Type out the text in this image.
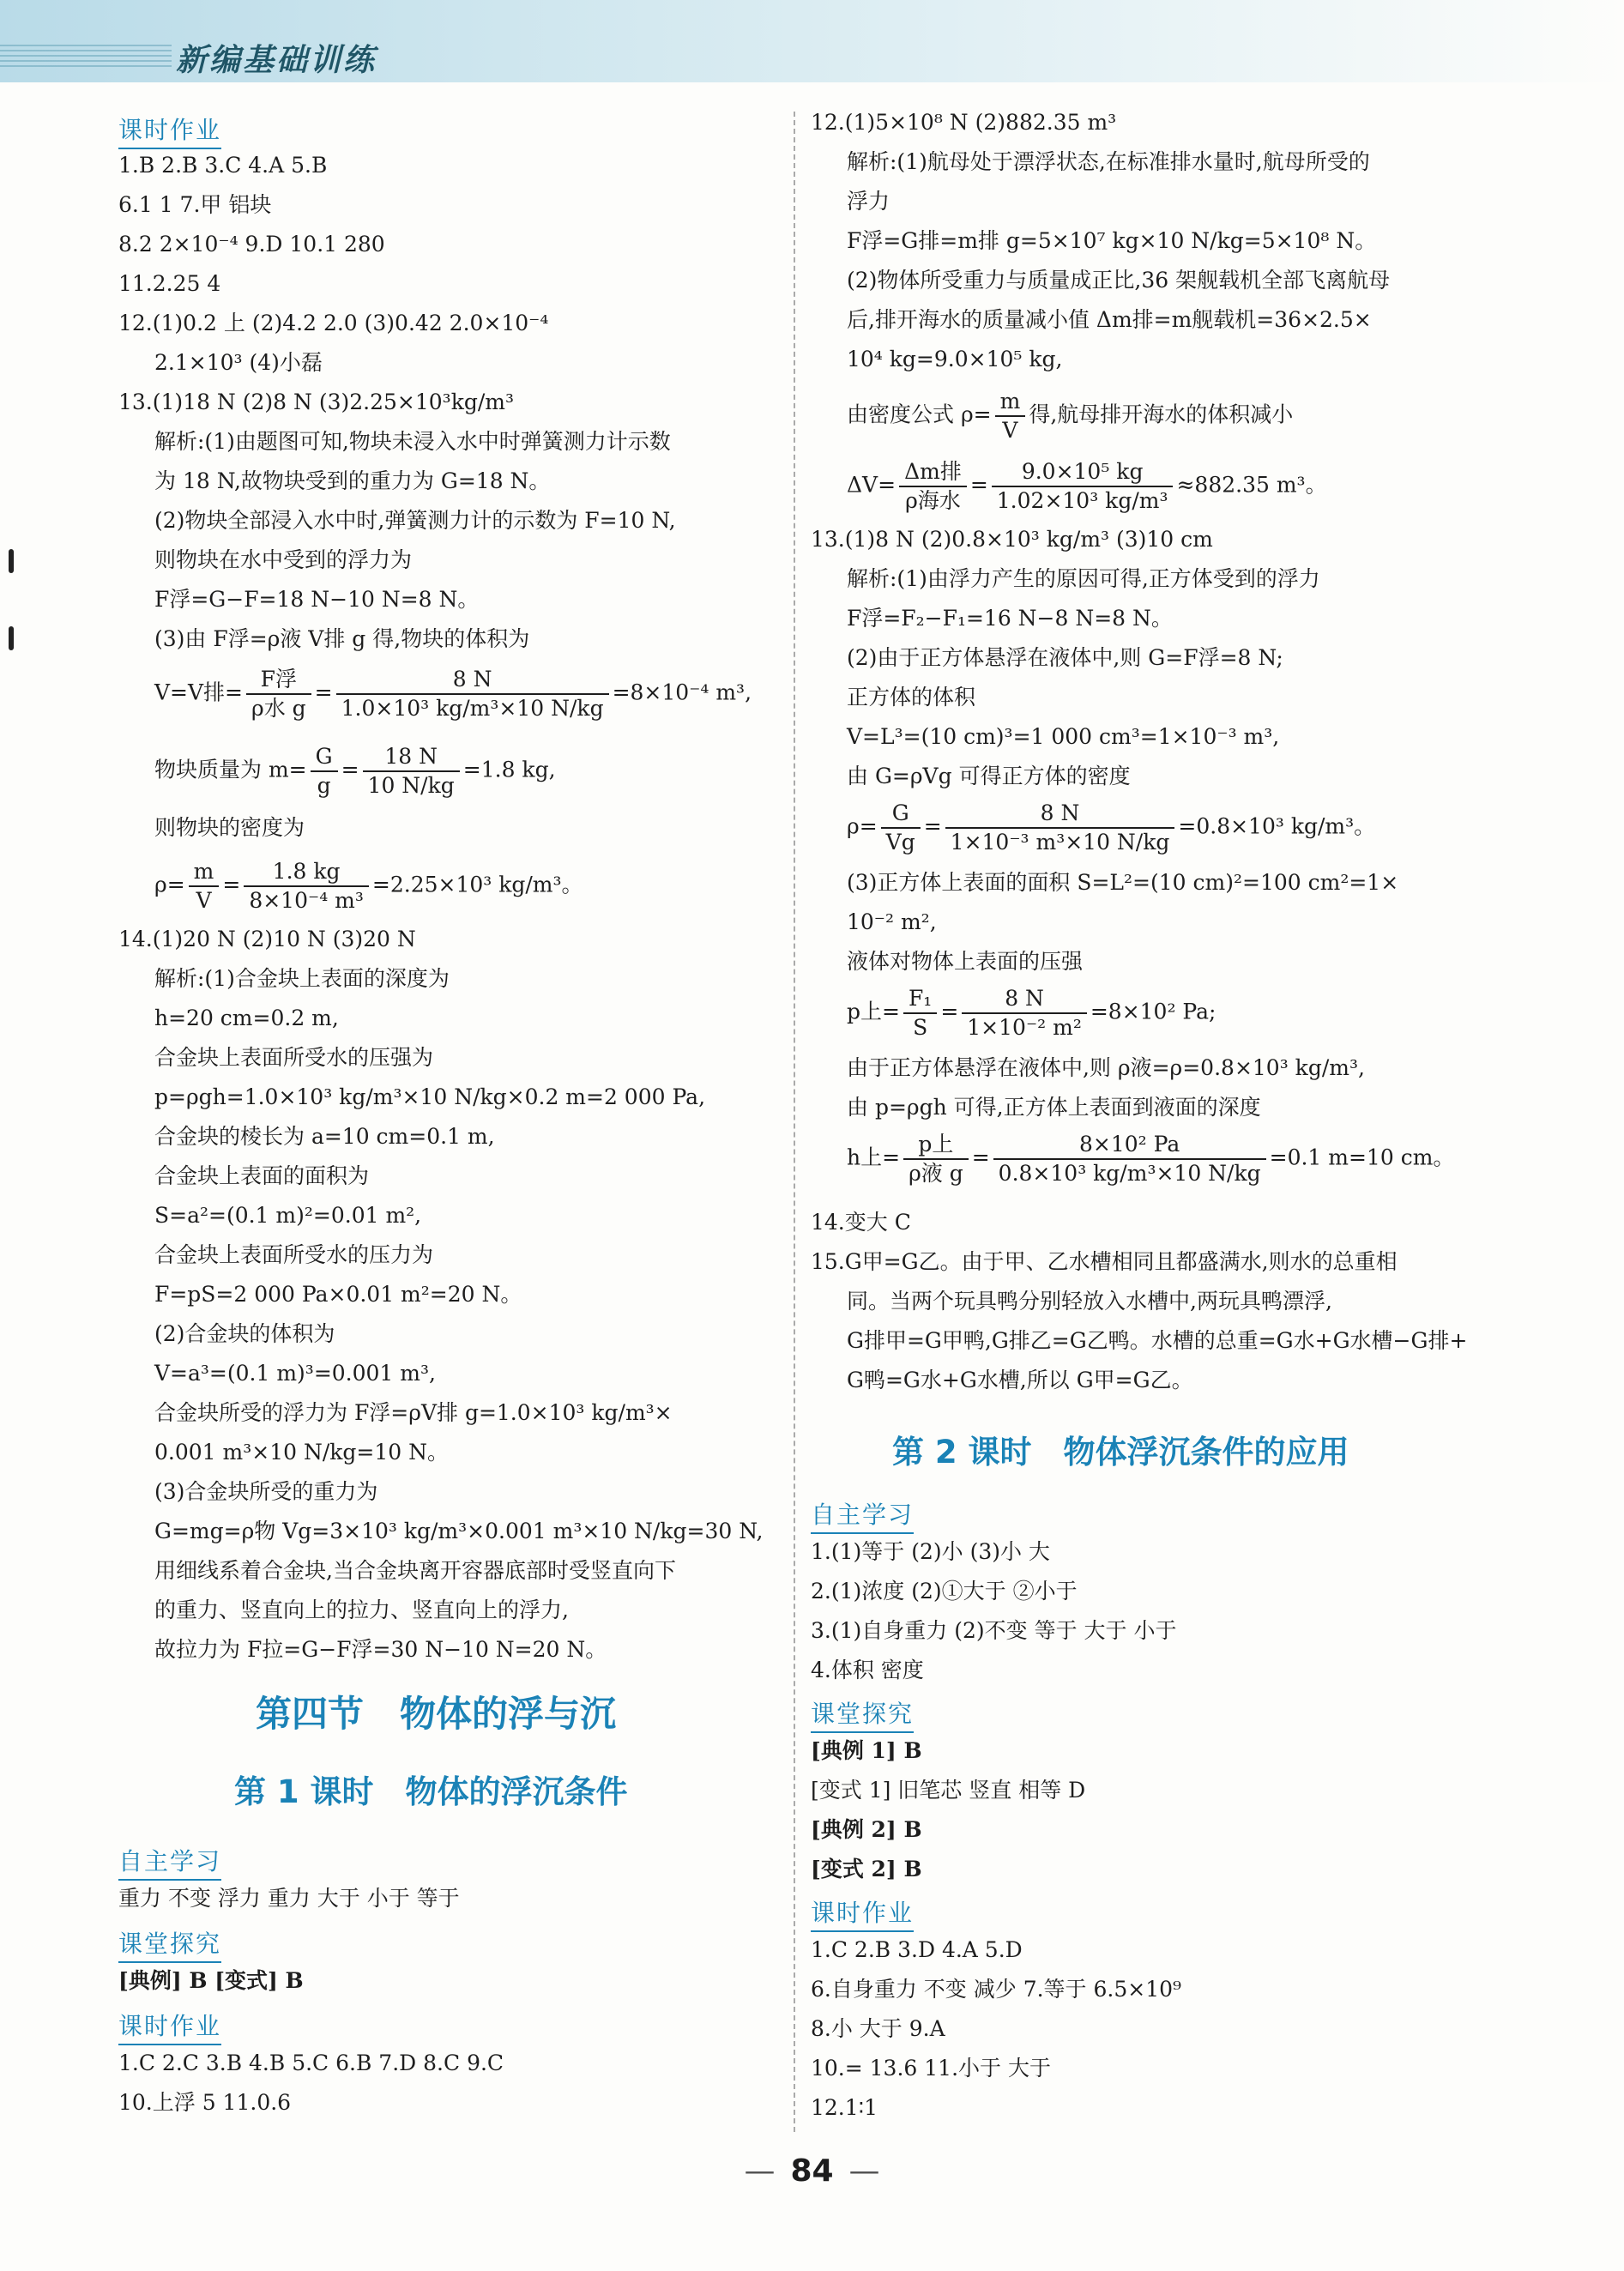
新编基础训练
课时作业
1.B 2.B 3.C 4.A 5.B
6.1 1 7.甲 铝块
8.2 2×10⁻⁴ 9.D 10.1 280
11.2.25 4
12.(1)0.2 上 (2)4.2 2.0 (3)0.42 2.0×10⁻⁴
2.1×10³ (4)小磊
13.(1)18 N (2)8 N (3)2.25×10³kg/m³
解析:(1)由题图可知,物块未浸入水中时弹簧测力计示数
为 18 N,故物块受到的重力为 G=18 N。
(2)物块全部浸入水中时,弹簧测力计的示数为 F=10 N,
则物块在水中受到的浮力为
F浮=G−F=18 N−10 N=8 N。
(3)由 F浮=ρ液 V排 g 得,物块的体积为
V=V排=
F浮
ρ水 g
= $\frac{8 N}{\text{1.0×10³ kg/m³×10 N/kg}} =8\times 10^{-4}$ m³,
物块质量为 $m= \frac{G}{g} = \frac{18 N}{10 N/kg} =1.8$ kg,
则物块的密度为
$\rho= \frac{m}{V} = \frac{1.8 kg}{\text{8×10⁻⁴ m³}} =2.25\times 10^3$ kg/m³。
14.(1)20 N (2)10 N (3)20 N
解析:(1)合金块上表面的深度为
h=20 cm=0.2 m,
合金块上表面所受水的压强为
p=ρgh=1.0×10³ kg/m³×10 N/kg×0.2 m=2 000 Pa,
合金块的棱长为 a=10 cm=0.1 m,
合金块上表面的面积为
S=a²=(0.1 m)²=0.01 m²,
合金块上表面所受水的压力为
F=pS=2 000 Pa×0.01 m²=20 N。
(2)合金块的体积为
V=a³=(0.1 m)³=0.001 m³,
合金块所受的浮力为 F浮=ρV排 g=1.0×10³ kg/m³×
0.001 m³×10 N/kg=10 N。
(3)合金块所受的重力为
G=mg=ρ物 Vg=3×10³ kg/m³×0.001 m³×10 N/kg=30 N,
用细线系着合金块,当合金块离开容器底部时受竖直向下
的重力、竖直向上的拉力、竖直向上的浮力,
故拉力为 F拉=G−F浮=30 N−10 N=20 N。
第四节　物体的浮与沉
第 1 课时　物体的浮沉条件
自主学习
重力 不变 浮力 重力 大于 小于 等于
课堂探究
[典例] B [变式] B
课时作业
1.C 2.C 3.B 4.B 5.C 6.B 7.D 8.C 9.C
10.上浮 5 11.0.6
12.(1)5×10⁸ N (2)882.35 m³
解析:(1)航母处于漂浮状态,在标准排水量时,航母所受的
浮力
F浮=G排=m排 g=5×10⁷ kg×10 N/kg=5×10⁸ N。
(2)物体所受重力与质量成正比,36 架舰载机全部飞离航母
后,排开海水的质量减小值 Δm排=m舰载机=36×2.5×
10⁴ kg=9.0×10⁵ kg,
由密度公式 $\rho= \frac{m}{V}$ 得,航母排开海水的体积减小
ΔV=
Δm排
ρ海水
= $\frac{\text{9.0×10⁵ kg}}{\text{1.02×10³ kg/m³}} \approx 882.35$ m³。
13.(1)8 N (2)0.8×10³ kg/m³ (3)10 cm
解析:(1)由浮力产生的原因可得,正方体受到的浮力
F浮=F₂−F₁=16 N−8 N=8 N。
(2)由于正方体悬浮在液体中,则 G=F浮=8 N;
正方体的体积
V=L³=(10 cm)³=1 000 cm³=1×10⁻³ m³,
由 G=ρVg 可得正方体的密度
$\rho= \frac{G}{Vg} = \frac{8 N}{\text{1×10⁻³ m³×10 N/kg}} =0.8\times 10^3$ kg/m³。
(3)正方体上表面的面积 S=L²=(10 cm)²=100 cm²=1×
10⁻² m²,
液体对物体上表面的压强
p上= $\frac{\text{F₁}}{S} = \frac{8 N}{\text{1×10⁻² m²}} =8\times 10^2$ Pa;
由于正方体悬浮在液体中,则 ρ液=ρ=0.8×10³ kg/m³,
由 p=ρgh 可得,正方体上表面到液面的深度
h上=
p上
ρ液 g
= $\frac{\text{8×10² Pa}}{\text{0.8×10³ kg/m³×10 N/kg}} =0.1$ m=10 cm。
14.变大 C
15.G甲=G乙。由于甲、乙水槽相同且都盛满水,则水的总重相
同。当两个玩具鸭分别轻放入水槽中,两玩具鸭漂浮,
G排甲=G甲鸭,G排乙=G乙鸭。水槽的总重=G水+G水槽−G排+
G鸭=G水+G水槽,所以 G甲=G乙。
第 2 课时　物体浮沉条件的应用
自主学习
1.(1)等于 (2)小 (3)小 大
2.(1)浓度 (2)①大于 ②小于
3.(1)自身重力 (2)不变 等于 大于 小于
4.体积 密度
课堂探究
[典例 1] B
[变式 1] 旧笔芯 竖直 相等 D
[典例 2] B
[变式 2] B
课时作业
1.C 2.B 3.D 4.A 5.D
6.自身重力 不变 减少 7.等于 6.5×10⁹
8.小 大于 9.A
10.= 13.6 11.小于 大于
12.1∶1
— 84 —
